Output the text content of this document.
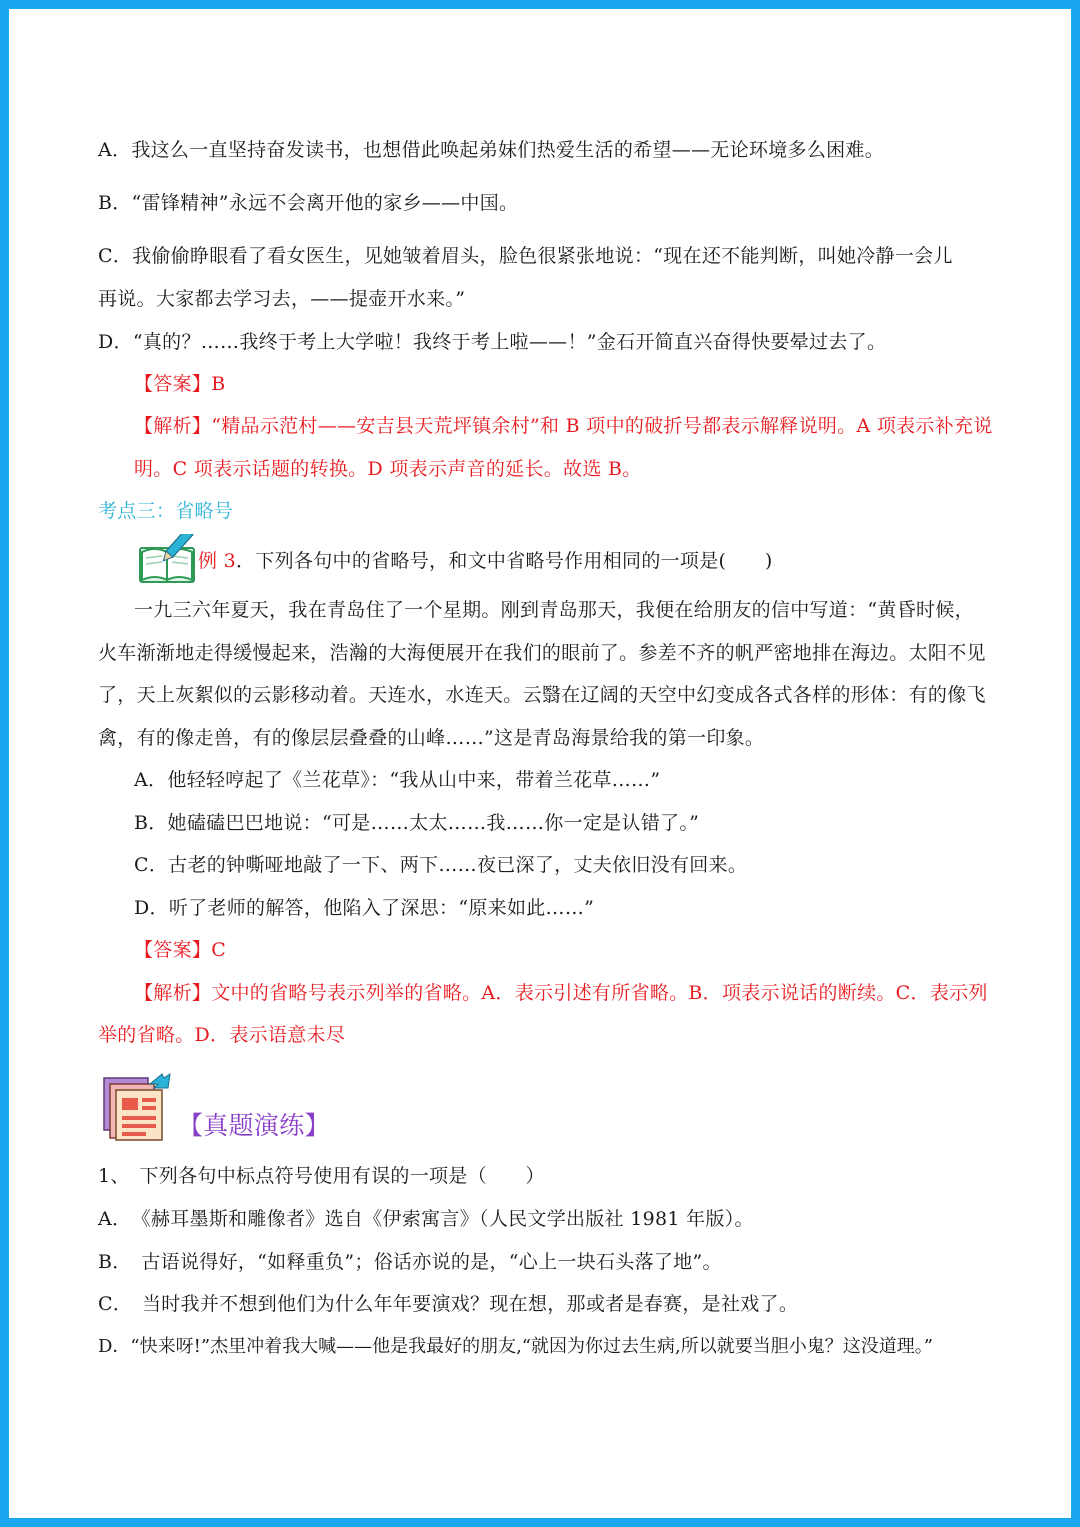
A．我这么一直坚持奋发读书，也想借此唤起弟妹们热爱生活的希望——无论环境多么困难。
B．“雷锋精神”永远不会离开他的家乡——中国。
C．我偷偷睁眼看了看女医生，见她皱着眉头，脸色很紧张地说：“现在还不能判断，叫她冷静一会儿
再说。大家都去学习去，——提壶开水来。”
D．“真的？……我终于考上大学啦！我终于考上啦——！”金石开简直兴奋得快要晕过去了。
【答案】B
【解析】“精品示范村——安吉县天荒坪镇余村”和 B 项中的破折号都表示解释说明。A 项表示补充说
明。C 项表示话题的转换。D 项表示声音的延长。故选 B。
考点三：省略号
例 3．下列各句中的省略号，和文中省略号作用相同的一项是(　　)
一九三六年夏天，我在青岛住了一个星期。刚到青岛那天，我便在给朋友的信中写道：“黄昏时候，
火车渐渐地走得缓慢起来，浩瀚的大海便展开在我们的眼前了。参差不齐的帆严密地排在海边。太阳不见
了，天上灰絮似的云影移动着。天连水，水连天。云翳在辽阔的天空中幻变成各式各样的形体：有的像飞
禽，有的像走兽，有的像层层叠叠的山峰……”这是青岛海景给我的第一印象。
A．他轻轻哼起了《兰花草》：“我从山中来，带着兰花草……”
B．她磕磕巴巴地说：“可是……太太……我……你一定是认错了。”
C．古老的钟嘶哑地敲了一下、两下……夜已深了，丈夫依旧没有回来。
D．听了老师的解答，他陷入了深思：“原来如此……”
【答案】C
【解析】文中的省略号表示列举的省略。A．表示引述有所省略。B．项表示说话的断续。C．表示列
举的省略。D．表示语意未尽
【真题演练】
1、　下列各句中标点符号使用有误的一项是（　　）
A．　《赫耳墨斯和雕像者》选自《伊索寓言》（人民文学出版社 1981 年版）。
B．　古语说得好，“如释重负”；俗话亦说的是，“心上一块石头落了地”。
C．　当时我并不想到他们为什么年年要演戏？现在想，那或者是春赛，是社戏了。
D．“快来呀!”杰里冲着我大喊——他是我最好的朋友,“就因为你过去生病,所以就要当胆小鬼？这没道理。”
